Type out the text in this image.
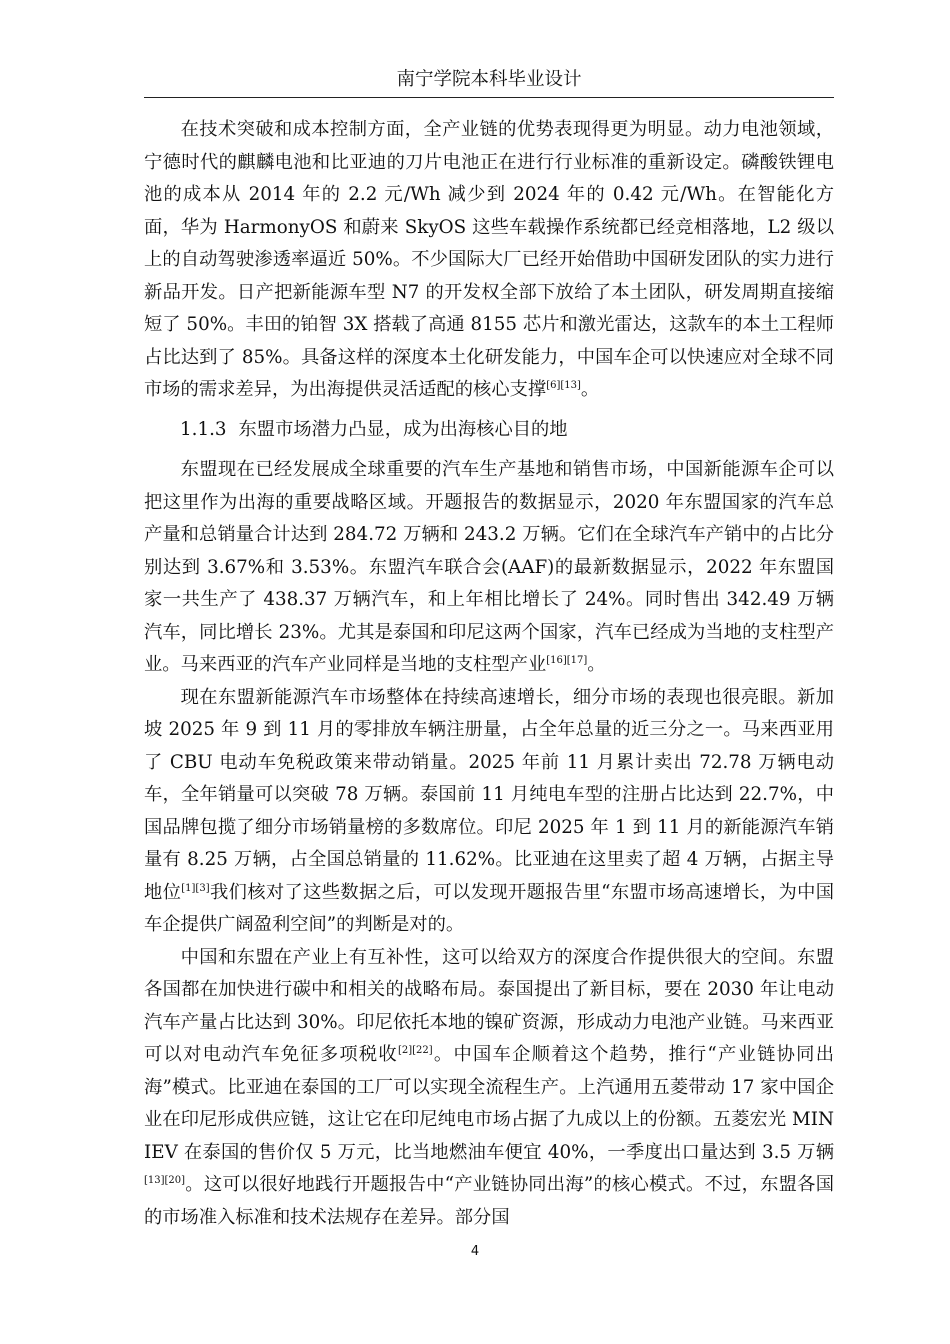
南宁学院本科毕业设计

在技术突破和成本控制方面，全产业链的优势表现得更为明显。动力电池领域，宁德时代的麒麟电池和比亚迪的刀片电池正在进行行业标准的重新设定。磷酸铁锂电池的成本从 2014 年的 2.2 元/Wh 减少到 2024 年的 0.42 元/Wh。在智能化方面，华为 HarmonyOS 和蔚来 SkyOS 这些车载操作系统都已经竞相落地，L2 级以上的自动驾驶渗透率逼近 50%。不少国际大厂已经开始借助中国研发团队的实力进行新品开发。日产把新能源车型 N7 的开发权全部下放给了本土团队，研发周期直接缩短了 50%。丰田的铂智 3X 搭载了高通 8155 芯片和激光雷达，这款车的本土工程师占比达到了 85%。具备这样的深度本土化研发能力，中国车企可以快速应对全球不同市场的需求差异，为出海提供灵活适配的核心支撑[6][13]。

1.1.3 东盟市场潜力凸显，成为出海核心目的地

东盟现在已经发展成全球重要的汽车生产基地和销售市场，中国新能源车企可以把这里作为出海的重要战略区域。开题报告的数据显示，2020 年东盟国家的汽车总产量和总销量合计达到 284.72 万辆和 243.2 万辆。它们在全球汽车产销中的占比分别达到 3.67%和 3.53%。东盟汽车联合会(AAF)的最新数据显示，2022 年东盟国家一共生产了 438.37 万辆汽车，和上年相比增长了 24%。同时售出 342.49 万辆汽车，同比增长 23%。尤其是泰国和印尼这两个国家，汽车已经成为当地的支柱型产业。马来西亚的汽车产业同样是当地的支柱型产业[16][17]。

现在东盟新能源汽车市场整体在持续高速增长，细分市场的表现也很亮眼。新加坡 2025 年 9 到 11 月的零排放车辆注册量，占全年总量的近三分之一。马来西亚用了 CBU 电动车免税政策来带动销量。2025 年前 11 月累计卖出 72.78 万辆电动车，全年销量可以突破 78 万辆。泰国前 11 月纯电车型的注册占比达到 22.7%，中国品牌包揽了细分市场销量榜的多数席位。印尼 2025 年 1 到 11 月的新能源汽车销量有 8.25 万辆，占全国总销量的 11.62%。比亚迪在这里卖了超 4 万辆，占据主导地位[1][3]我们核对了这些数据之后，可以发现开题报告里“东盟市场高速增长，为中国车企提供广阔盈利空间”的判断是对的。

中国和东盟在产业上有互补性，这可以给双方的深度合作提供很大的空间。东盟各国都在加快进行碳中和相关的战略布局。泰国提出了新目标，要在 2030 年让电动汽车产量占比达到 30%。印尼依托本地的镍矿资源，形成动力电池产业链。马来西亚可以对电动汽车免征多项税收[2][22]。中国车企顺着这个趋势，推行“产业链协同出海”模式。比亚迪在泰国的工厂可以实现全流程生产。上汽通用五菱带动 17 家中国企业在印尼形成供应链，这让它在印尼纯电市场占据了九成以上的份额。五菱宏光 MINIEV 在泰国的售价仅 5 万元，比当地燃油车便宜 40%，一季度出口量达到 3.5 万辆[13][20]。这可以很好地践行开题报告中“产业链协同出海”的核心模式。不过，东盟各国的市场准入标准和技术法规存在差异。部分国

4
